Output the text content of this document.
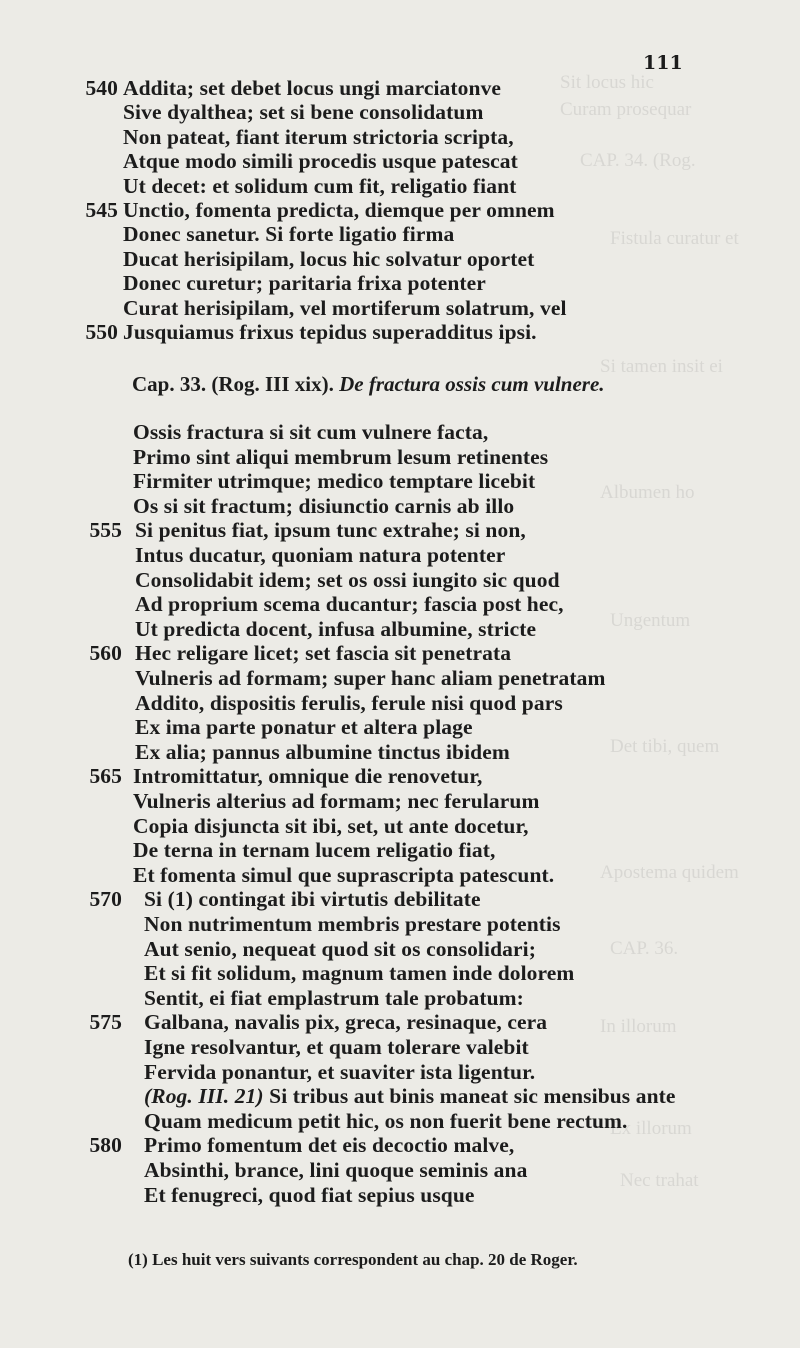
Sit locus hic
Curam prosequar
CAP. 34. (Rog.
Fistula curatur et
Si tamen insit ei
Albumen ho
Ungentum
Det tibi, quem
Apostema quidem
CAP. 36.
In illorum
Ex illorum
Nec trahat
111
540 Addita; set debet locus ungi marciatonve
Sive dyalthea; set si bene consolidatum
Non pateat, fiant iterum strictoria scripta,
Atque modo simili procedis usque patescat
Ut decet: et solidum cum fit, religatio fiant
545 Unctio, fomenta predicta, diemque per omnem
Donec sanetur. Si forte ligatio firma
Ducat herisipilam, locus hic solvatur oportet
Donec curetur; paritaria frixa potenter
Curat herisipilam, vel mortiferum solatrum, vel
550 Jusquiamus frixus tepidus superadditus ipsi.
Ossis fractura si sit cum vulnere facta,
Primo sint aliqui membrum lesum retinentes
Firmiter utrimque; medico temptare licebit
Os si sit fractum; disiunctio carnis ab illo
555 Si penitus fiat, ipsum tunc extrahe; si non,
Intus ducatur, quoniam natura potenter
Consolidabit idem; set os ossi iungito sic quod
Ad proprium scema ducantur; fascia post hec,
Ut predicta docent, infusa albumine, stricte
560 Hec religare licet; set fascia sit penetrata
Vulneris ad formam; super hanc aliam penetratam
Addito, dispositis ferulis, ferule nisi quod pars
Ex ima parte ponatur et altera plage
Ex alia; pannus albumine tinctus ibidem
565 Intromittatur, omnique die renovetur,
Vulneris alterius ad formam; nec ferularum
Copia disjuncta sit ibi, set, ut ante docetur,
De terna in ternam lucem religatio fiat,
Et fomenta simul que suprascripta patescunt.
570 Si (1) contingat ibi virtutis debilitate
Non nutrimentum membris prestare potentis
Aut senio, nequeat quod sit os consolidari;
Et si fit solidum, magnum tamen inde dolorem
Sentit, ei fiat emplastrum tale probatum:
575 Galbana, navalis pix, greca, resinaque, cera
Igne resolvantur, et quam tolerare valebit
Fervida ponantur, et suaviter ista ligentur.
(Rog. III. 21) Si tribus aut binis maneat sic mensibus ante
Quam medicum petit hic, os non fuerit bene rectum.
580 Primo fomentum det eis decoctio malve,
Absinthi, brance, lini quoque seminis ana
Et fenugreci, quod fiat sepius usque
Cap. 33. (Rog. III xix). De fractura ossis cum vulnere.
(1) Les huit vers suivants correspondent au chap. 20 de Roger.
